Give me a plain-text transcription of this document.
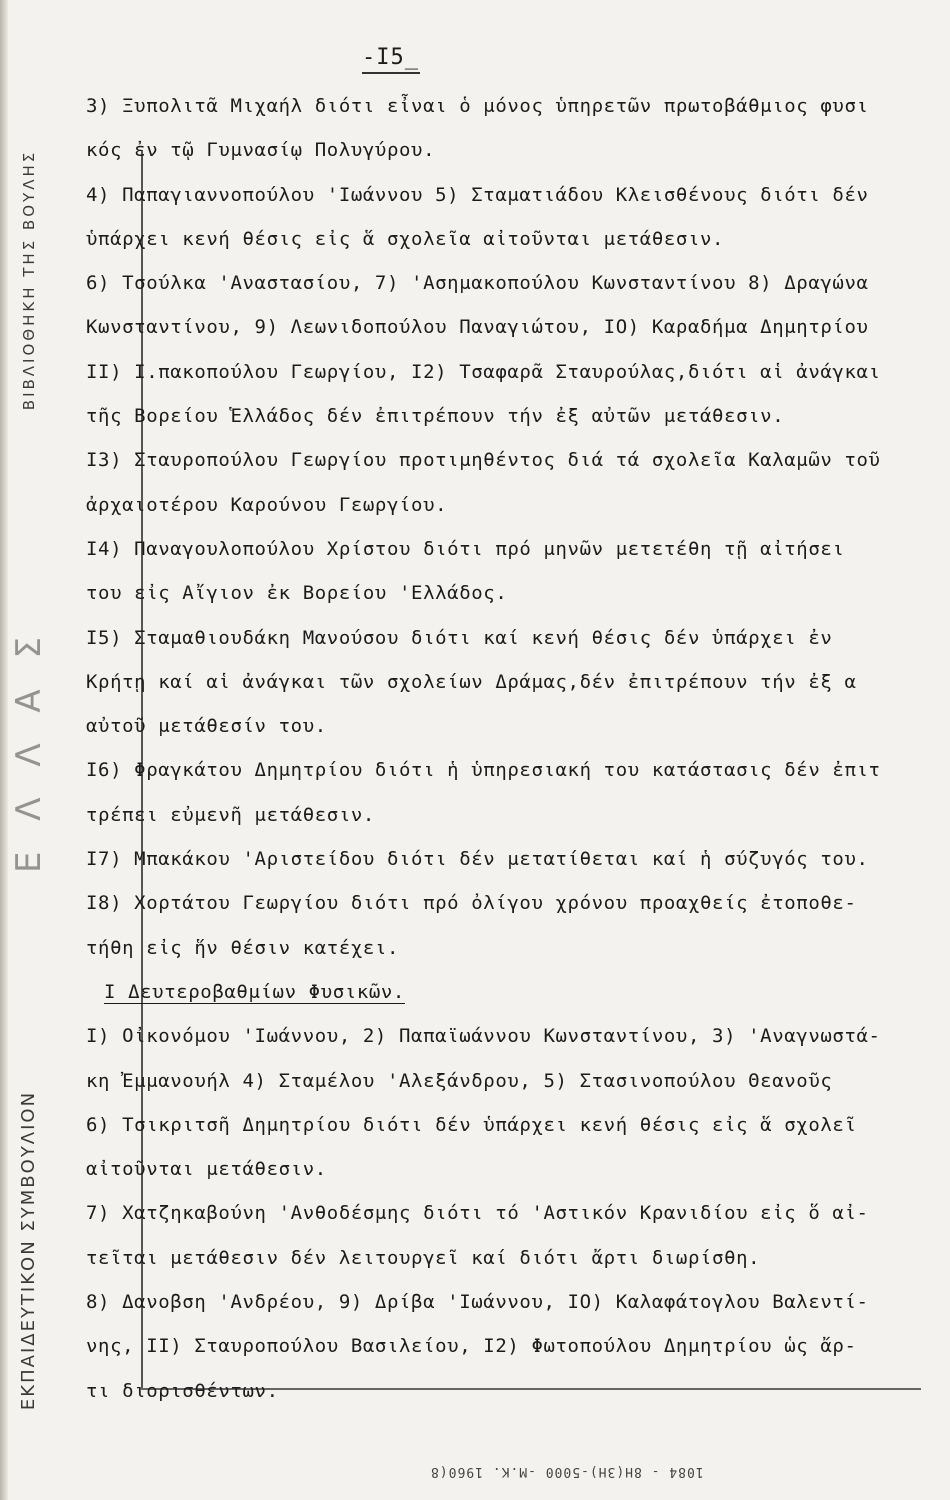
ΒΙΒΛΙΟΘΗΚΗ ΤΗΣ ΒΟΥΛΗΣ
Ε Λ Λ Α Σ
ΕΚΠΑΙΔΕΥΤΙΚΟΝ ΣΥΜΒΟΥΛΙΟΝ
-I5_
3) Ξυπολιτᾶ Μιχαήλ διότι εἶναι ὁ μόνος ὑπηρετῶν πρωτοβάθμιος φυσι
κός ἐν τῷ Γυμνασίῳ Πολυγύρου.
4) Παπαγιαννοπούλου 'Ιωάννου 5) Σταματιάδου Κλεισθένους διότι δέν
ὑπάρχει κενή θέσις εἰς ἅ σχολεῖα αἰτοῦνται μετάθεσιν.
6) Τσούλκα 'Αναστασίου, 7) 'Ασημακοπούλου Κωνσταντίνου 8) Δραγώνα
Κωνσταντίνου, 9) Λεωνιδοπούλου Παναγιώτου, IO) Καραδήμα Δημητρίου
II) Ι.πακοπούλου Γεωργίου, I2) Τσαφαρᾶ Σταυρούλας,διότι αἱ ἀνάγκαι
τῆς Βορείου Ἑλλάδος δέν ἐπιτρέπουν τήν ἐξ αὐτῶν μετάθεσιν.
I3) Σταυροπούλου Γεωργίου προτιμηθέντος διά τά σχολεῖα Καλαμῶν τοῦ
ἀρχαιοτέρου Καρούνου Γεωργίου.
I4) Παναγουλοπούλου Χρίστου διότι πρό μηνῶν μετετέθη τῇ αἰτήσει
του εἰς Αἴγιον ἐκ Βορείου 'Ελλάδος.
I5) Σταμαθιουδάκη Μανούσου διότι καί κενή θέσις δέν ὑπάρχει ἐν
Κρήτῃ καί αἱ ἀνάγκαι τῶν σχολείων Δράμας,δέν ἐπιτρέπουν τήν ἐξ α
αὐτοῦ μετάθεσίν του.
I6) Φραγκάτου Δημητρίου διότι ἡ ὑπηρεσιακή του κατάστασις δέν ἐπιτ
τρέπει εὐμενῆ μετάθεσιν.
I7) Μπακάκου 'Αριστείδου διότι δέν μετατίθεται καί ἡ σύζυγός του.
I8) Χορτάτου Γεωργίου διότι πρό ὀλίγου χρόνου προαχθείς ἐτοποθε-
τήθη εἰς ἥν θέσιν κατέχει.
I Δευτεροβαθμίων Φυσικῶν.
I) Οἰκονόμου 'Ιωάννου, 2) Παπαϊωάννου Κωνσταντίνου, 3) 'Αναγνωστά-
κη Ἐμμανουήλ 4) Σταμέλου 'Αλεξάνδρου, 5) Στασινοπούλου Θεανοῦς
6) Τσικριτσῆ Δημητρίου διότι δέν ὑπάρχει κενή θέσις εἰς ἅ σχολεῖ
αἰτοῦνται μετάθεσιν.
7) Χατζηκαβούνη 'Ανθοδέσμης διότι τό 'Αστικόν Κρανιδίου εἰς ὅ αἰ-
τεῖται μετάθεσιν δέν λειτουργεῖ καί διότι ἄρτι διωρίσθη.
8) Δανοβση 'Ανδρέου, 9) Δρίβα 'Ιωάννου, IO) Καλαφάτογλου Βαλεντί-
νης, II) Σταυροπούλου Βασιλείου, I2) Φωτοπούλου Δημητρίου ὡς ἄρ-
τι διορισθέντων.
1084 - 8Η(3Η)-5000 -Μ.Κ. 1960(8
